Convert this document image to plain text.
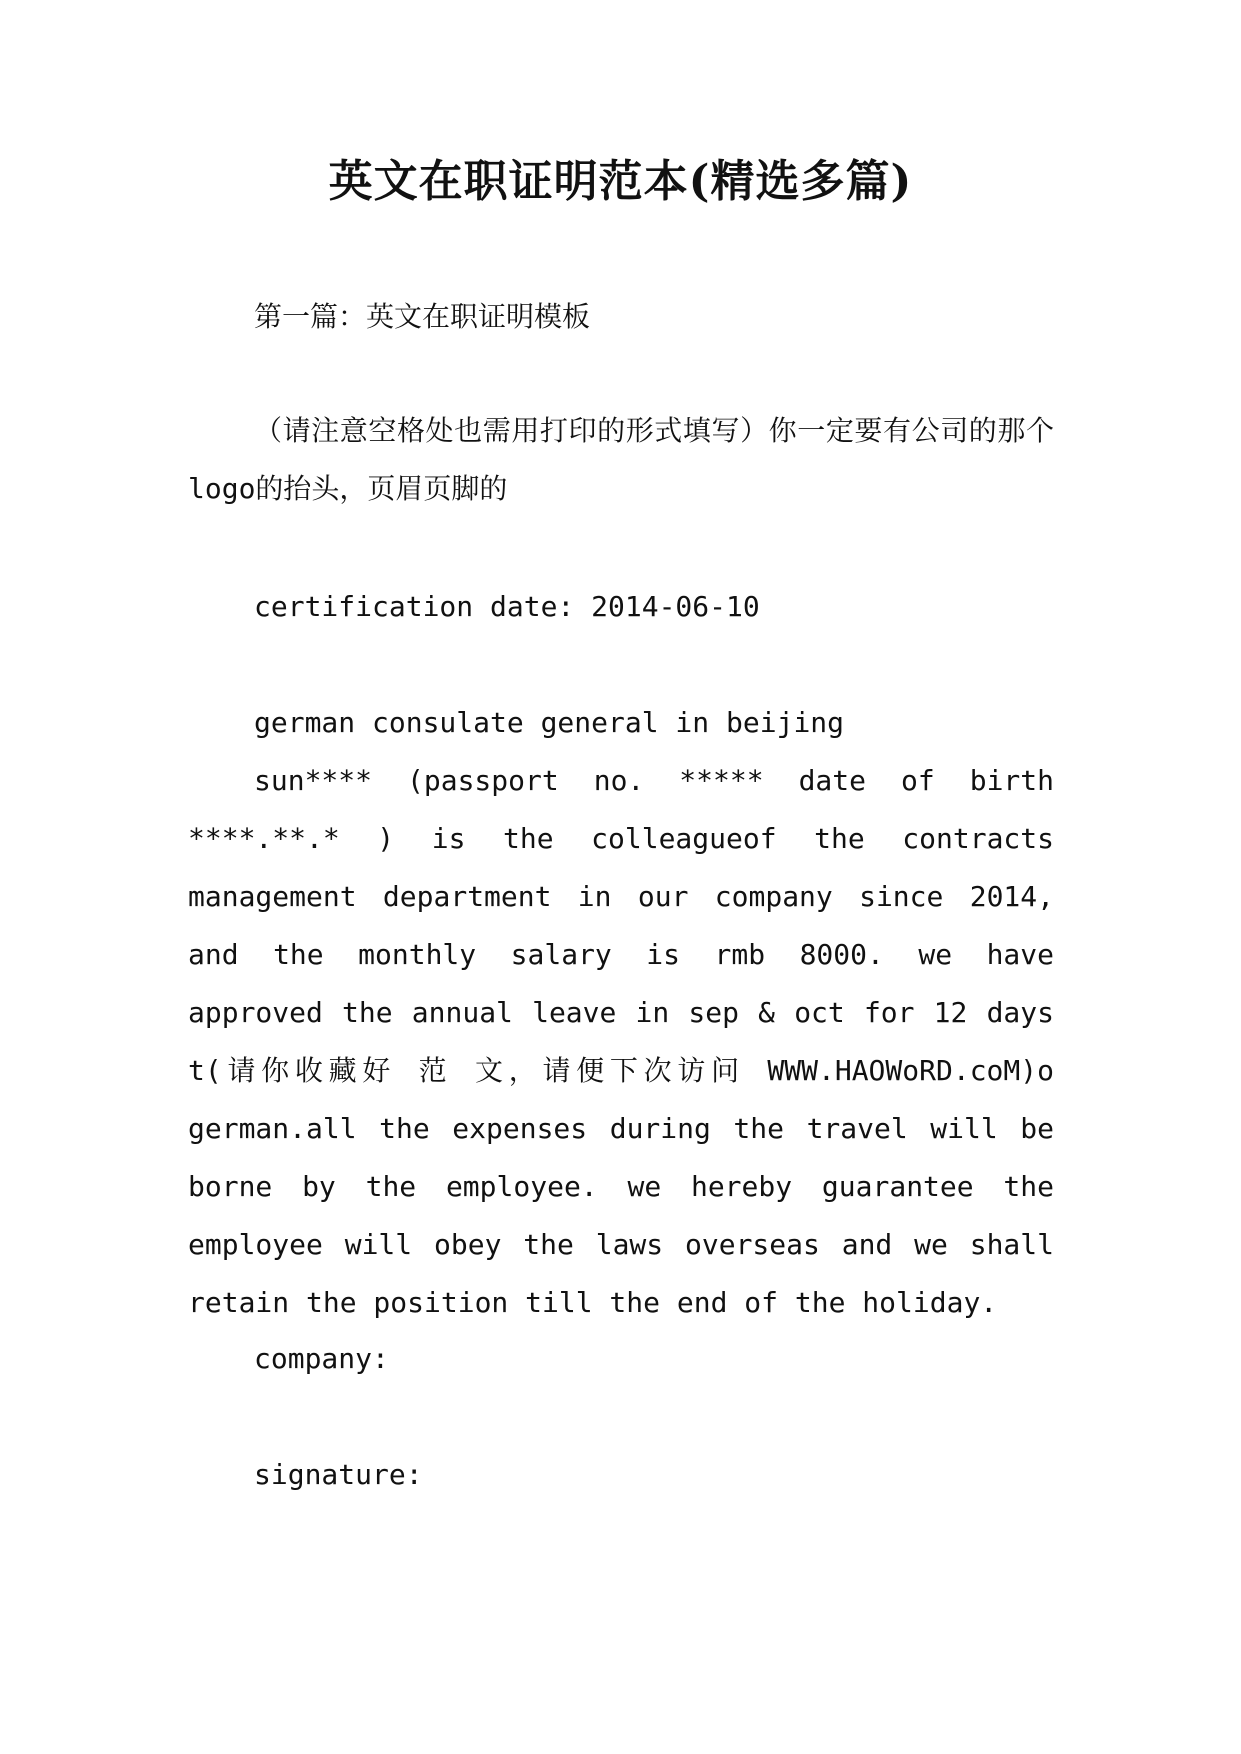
英文在职证明范本(精选多篇)

第一篇：英文在职证明模板

（请注意空格处也需用打印的形式填写）你一定要有公司的那个logo的抬头，页眉页脚的

certification date: 2014-06-10

german consulate general in beijing

sun**** (passport no. ***** date of birth ****.**.* ) is the colleagueof the contracts management department in our company since 2014, and the monthly salary is rmb 8000. we have approved the annual leave in sep & oct for 12 days t(请你收藏好 范 文，请便下次访问 WWW.HAOWoRD.coM)o german.all the expenses during the travel will be borne by the employee. we hereby guarantee the employee will obey the laws overseas and we shall retain the position till the end of the holiday.

company:

signature:
